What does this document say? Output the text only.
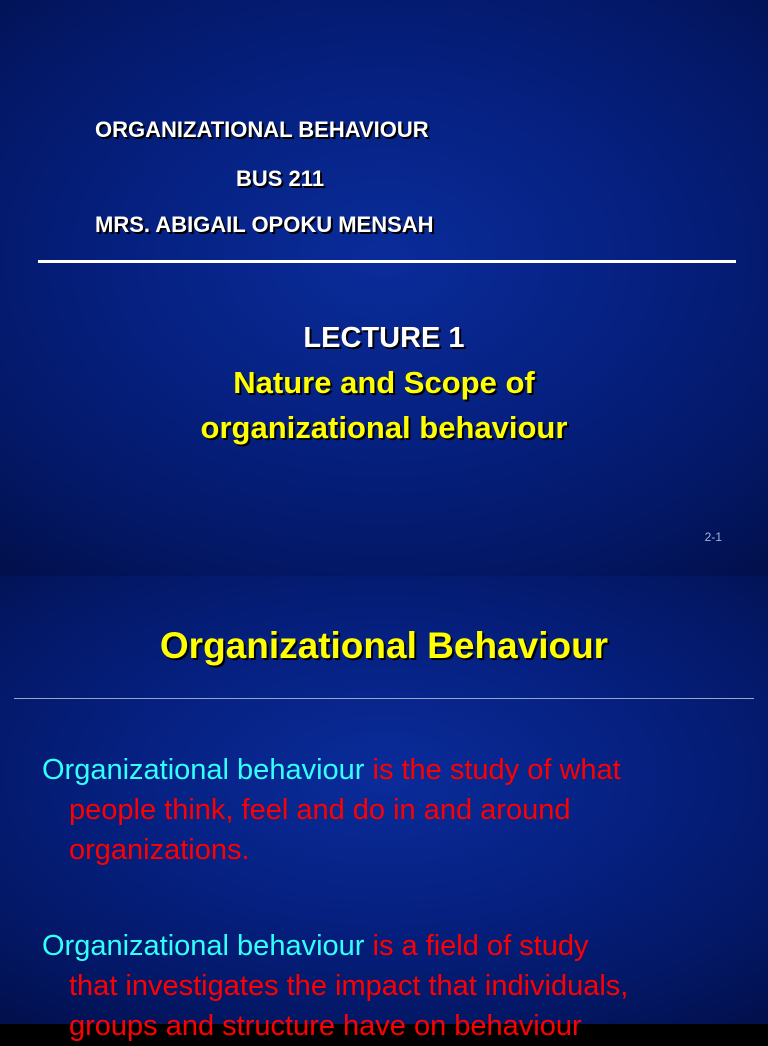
ORGANIZATIONAL BEHAVIOUR
BUS 211
MRS. ABIGAIL OPOKU MENSAH
LECTURE 1
Nature and Scope of
organizational behaviour
2-1
Organizational Behaviour
Organizational behaviour is the study of what
people think, feel and do in and around
organizations.
Organizational behaviour is a field of study
that investigates the impact that individuals,
groups and structure have on behaviour
